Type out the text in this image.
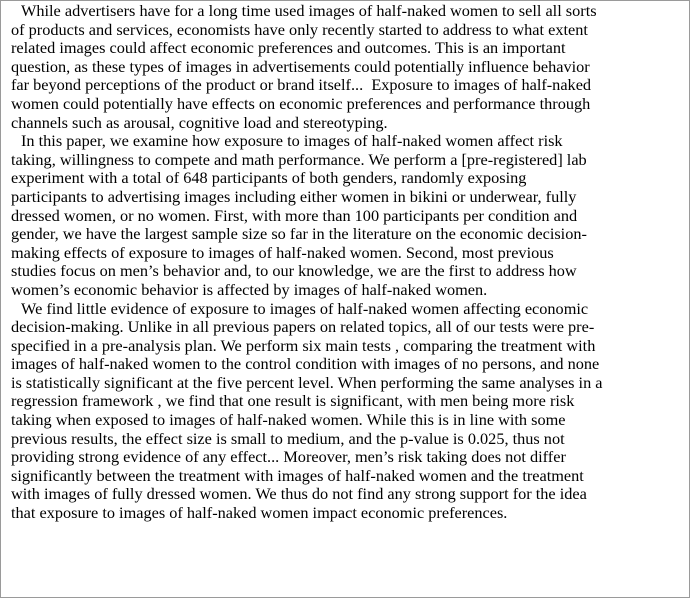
While advertisers have for a long time used images of half-naked women to sell all sorts
of products and services, economists have only recently started to address to what extent
related images could affect economic preferences and outcomes. This is an important
question, as these types of images in advertisements could potentially influence behavior
far beyond perceptions of the product or brand itself...  Exposure to images of half-naked
women could potentially have effects on economic preferences and performance through
channels such as arousal, cognitive load and stereotyping.
In this paper, we examine how exposure to images of half-naked women affect risk
taking, willingness to compete and math performance. We perform a [pre-registered] lab
experiment with a total of 648 participants of both genders, randomly exposing
participants to advertising images including either women in bikini or underwear, fully
dressed women, or no women. First, with more than 100 participants per condition and
gender, we have the largest sample size so far in the literature on the economic decision-
making effects of exposure to images of half-naked women. Second, most previous
studies focus on men’s behavior and, to our knowledge, we are the first to address how
women’s economic behavior is affected by images of half-naked women.
We find little evidence of exposure to images of half-naked women affecting economic
decision-making. Unlike in all previous papers on related topics, all of our tests were pre-
specified in a pre-analysis plan. We perform six main tests , comparing the treatment with
images of half-naked women to the control condition with images of no persons, and none
is statistically significant at the five percent level. When performing the same analyses in a
regression framework , we find that one result is significant, with men being more risk
taking when exposed to images of half-naked women. While this is in line with some
previous results, the effect size is small to medium, and the p-value is 0.025, thus not
providing strong evidence of any effect... Moreover, men’s risk taking does not differ
significantly between the treatment with images of half-naked women and the treatment
with images of fully dressed women. We thus do not find any strong support for the idea
that exposure to images of half-naked women impact economic preferences.
